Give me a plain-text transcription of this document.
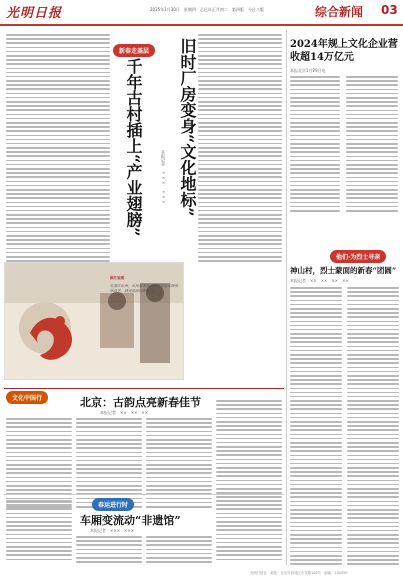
光明日报	2025年1月30日　星期四　乙巳年正月初二　第四版　今日八版	综合新闻 03
新春走基层
千年古村插上“产业翅膀” 旧时厂房变身“文化地标”
本报记者　×××　×××
2024年规上文化企业营收超14万亿元
本报北京1月29日电
他们·为烈士寻亲
神山村，烈士蒙面的新春“团圆”
本报记者　××　××　××　××
图片说明
在浙江杭州，市民游客在古村里体验传统剪纸技艺，感受浓浓的年味儿。
文化中国行	北京：古韵点亮新春佳节
本报记者　××　××　××
春运进行时
车厢变流动“非遗馆”
本报记者　×××　×××
光明日报社　地址：北京市西城区永安路106号　邮编：100050
